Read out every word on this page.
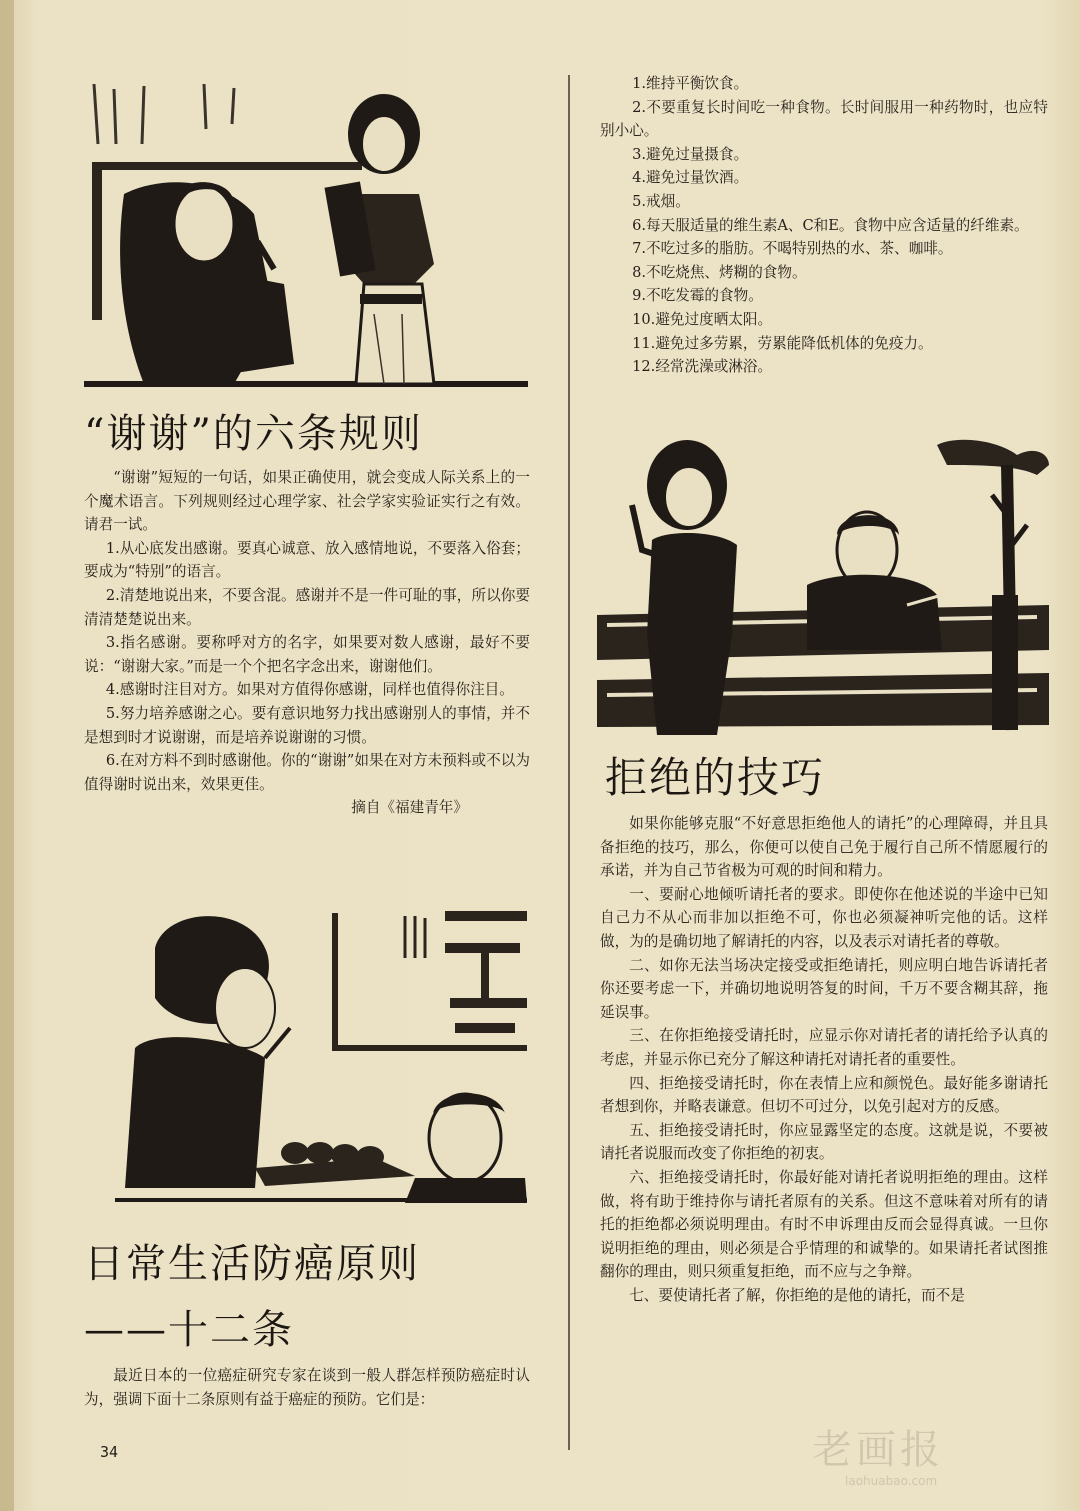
“谢谢”的六条规则

“谢谢”短短的一句话，如果正确使用，就会变成人际关系上的一个魔术语言。下列规则经过心理学家、社会学家实验证实行之有效。请君一试。

1.从心底发出感谢。要真心诚意、放入感情地说，不要落入俗套；要成为“特别”的语言。

2.清楚地说出来，不要含混。感谢并不是一件可耻的事，所以你要清清楚楚说出来。

3.指名感谢。要称呼对方的名字，如果要对数人感谢，最好不要说：“谢谢大家。”而是一个个把名字念出来，谢谢他们。

4.感谢时注目对方。如果对方值得你感谢，同样也值得你注目。

5.努力培养感谢之心。要有意识地努力找出感谢别人的事情，并不是想到时才说谢谢，而是培养说谢谢的习惯。

6.在对方料不到时感谢他。你的“谢谢”如果在对方未预料或不以为值得谢时说出来，效果更佳。

摘自《福建青年》
日常生活防癌原则
——十二条

最近日本的一位癌症研究专家在谈到一般人群怎样预防癌症时认为，强调下面十二条原则有益于癌症的预防。它们是：

1.维持平衡饮食。

2.不要重复长时间吃一种食物。长时间服用一种药物时，也应特别小心。

3.避免过量摄食。

4.避免过量饮酒。

5.戒烟。

6.每天服适量的维生素A、C和E。食物中应含适量的纤维素。

7.不吃过多的脂肪。不喝特别热的水、茶、咖啡。

8.不吃烧焦、烤糊的食物。

9.不吃发霉的食物。

10.避免过度晒太阳。

11.避免过多劳累，劳累能降低机体的免疫力。

12.经常洗澡或淋浴。

拒绝的技巧

如果你能够克服“不好意思拒绝他人的请托”的心理障碍，并且具备拒绝的技巧，那么，你便可以使自己免于履行自己所不情愿履行的承诺，并为自己节省极为可观的时间和精力。

一、要耐心地倾听请托者的要求。即使你在他述说的半途中已知自己力不从心而非加以拒绝不可，你也必须凝神听完他的话。这样做，为的是确切地了解请托的内容，以及表示对请托者的尊敬。

二、如你无法当场决定接受或拒绝请托，则应明白地告诉请托者你还要考虑一下，并确切地说明答复的时间，千万不要含糊其辞，拖延误事。

三、在你拒绝接受请托时，应显示你对请托者的请托给予认真的考虑，并显示你已充分了解这种请托对请托者的重要性。

四、拒绝接受请托时，你在表情上应和颜悦色。最好能多谢请托者想到你，并略表谦意。但切不可过分，以免引起对方的反感。

五、拒绝接受请托时，你应显露坚定的态度。这就是说，不要被请托者说服而改变了你拒绝的初衷。

六、拒绝接受请托时，你最好能对请托者说明拒绝的理由。这样做，将有助于维持你与请托者原有的关系。但这不意味着对所有的请托的拒绝都必须说明理由。有时不申诉理由反而会显得真诚。一旦你说明拒绝的理由，则必须是合乎情理的和诚挚的。如果请托者试图推翻你的理由，则只须重复拒绝，而不应与之争辩。

七、要使请托者了解，你拒绝的是他的请托，而不是

34	老画报
laohuabao.com
